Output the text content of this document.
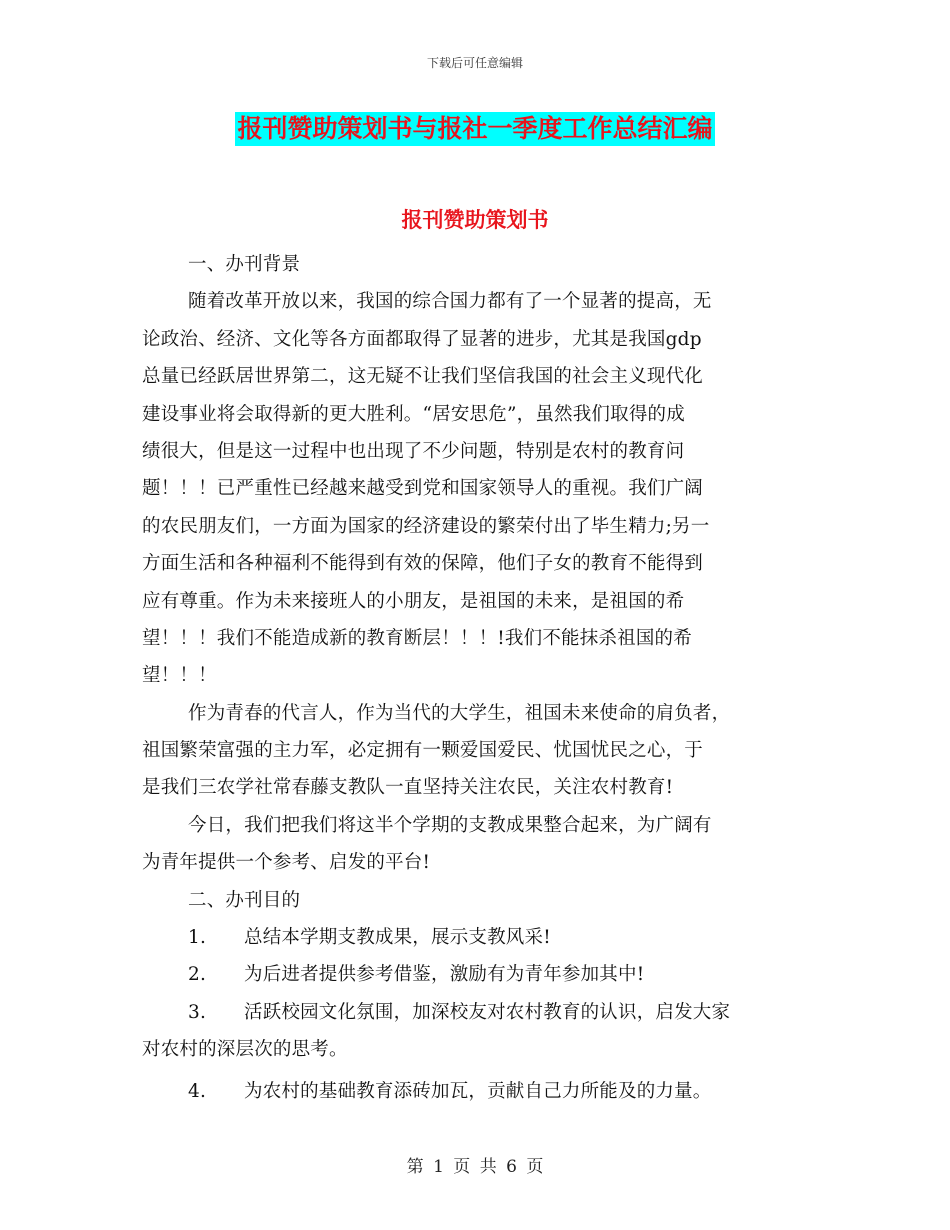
下载后可任意编辑
报刊赞助策划书与报社一季度工作总结汇编
报刊赞助策划书
一、办刊背景
随着改革开放以来，我国的综合国力都有了一个显著的提高，无
论政治、经济、文化等各方面都取得了显著的进步，尤其是我国gdp
总量已经跃居世界第二，这无疑不让我们坚信我国的社会主义现代化
建设事业将会取得新的更大胜利。“居安思危”，虽然我们取得的成
绩很大，但是这一过程中也出现了不少问题，特别是农村的教育问
题！！！已严重性已经越来越受到党和国家领导人的重视。我们广阔
的农民朋友们，一方面为国家的经济建设的繁荣付出了毕生精力;另一
方面生活和各种福利不能得到有效的保障，他们子女的教育不能得到
应有尊重。作为未来接班人的小朋友，是祖国的未来，是祖国的希
望！！！我们不能造成新的教育断层！！！!我们不能抹杀祖国的希
望！！！
作为青春的代言人，作为当代的大学生，祖国未来使命的肩负者，
祖国繁荣富强的主力军，必定拥有一颗爱国爱民、忧国忧民之心，于
是我们三农学社常春藤支教队一直坚持关注农民，关注农村教育!
今日，我们把我们将这半个学期的支教成果整合起来，为广阔有
为青年提供一个参考、启发的平台!
二、办刊目的
1. 总结本学期支教成果，展示支教风采!
2. 为后进者提供参考借鉴，激励有为青年参加其中!
3. 活跃校园文化氛围，加深校友对农村教育的认识，启发大家
对农村的深层次的思考。
4. 为农村的基础教育添砖加瓦，贡献自己力所能及的力量。
第 1 页 共 6 页
